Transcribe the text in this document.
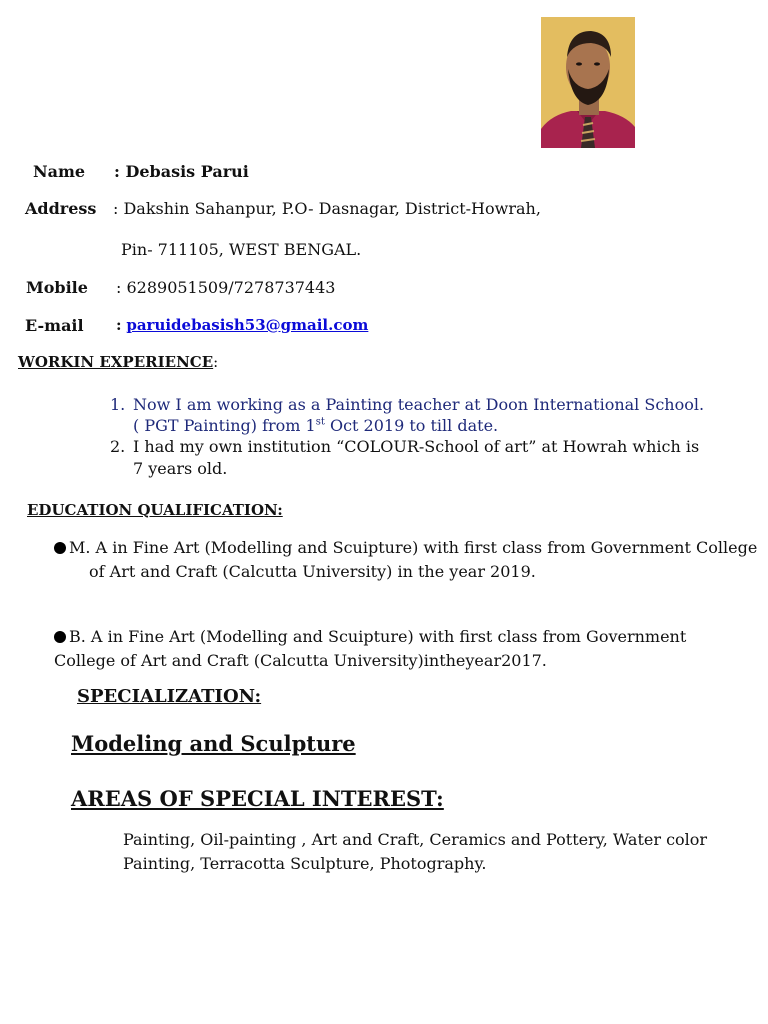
Name : Debasis Parui
Address : Dakshin Sahanpur, P.O- Dasnagar, District-Howrah,
Pin- 711105, WEST BENGAL.
Mobile : 6289051509/7278737443
E-mail : paruidebasish53@gmail.com
WORKIN EXPERIENCE:
1. Now I am working as a Painting teacher at Doon International School.
( PGT Painting) from 1st Oct 2019 to till date.
2. I had my own institution “COLOUR-School of art” at Howrah which is
7 years old.
EDUCATION QUALIFICATION:
M. A in Fine Art (Modelling and Scuipture) with first class from Government College
of Art and Craft (Calcutta University) in the year 2019.
B. A in Fine Art (Modelling and Scuipture) with first class from Government
College of Art and Craft (Calcutta University)intheyear2017.
SPECIALIZATION:
Modeling and Sculpture
AREAS OF SPECIAL INTEREST:
Painting, Oil-painting , Art and Craft, Ceramics and Pottery, Water color
Painting, Terracotta Sculpture, Photography.
